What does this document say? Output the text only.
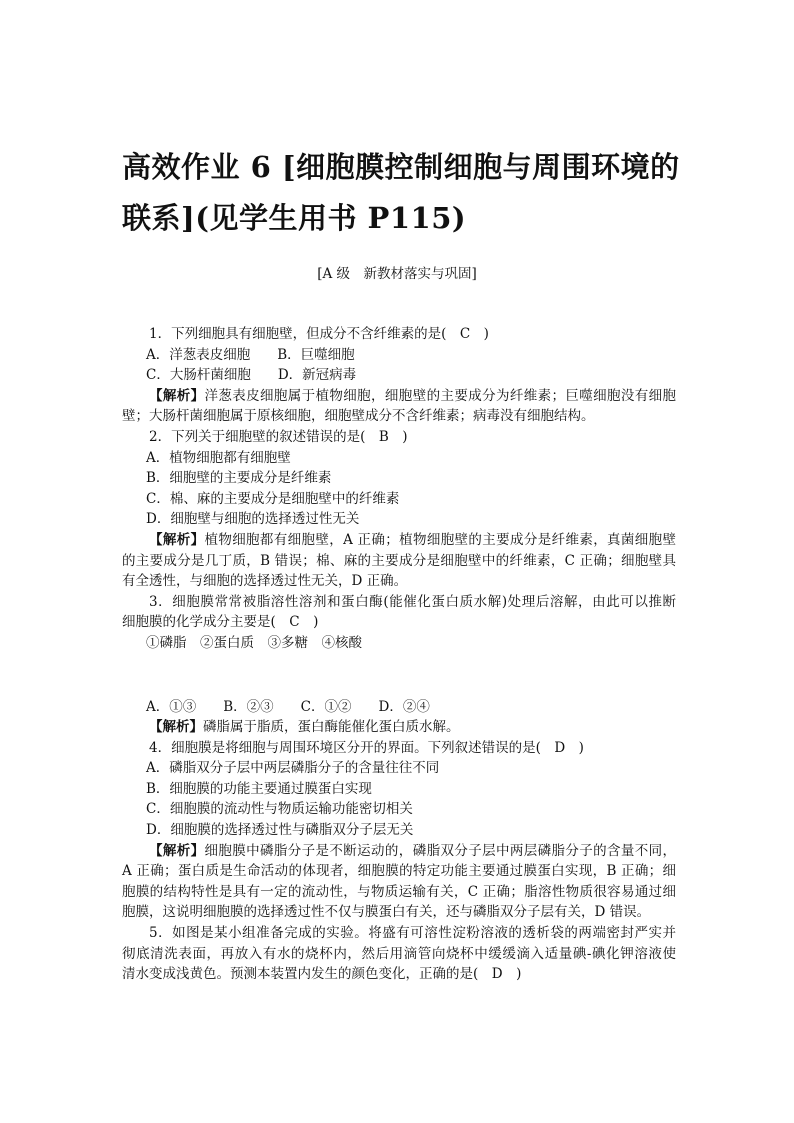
高效作业 6 [细胞膜控制细胞与周围环境的
联系](见学生用书 P115)

[A 级　新教材落实与巩固]

1．下列细胞具有细胞壁，但成分不含纤维素的是(　C　)
A．洋葱表皮细胞　　B．巨噬细胞
C．大肠杆菌细胞　　D．新冠病毒
【解析】洋葱表皮细胞属于植物细胞，细胞壁的主要成分为纤维素；巨噬细胞没有细胞
壁；大肠杆菌细胞属于原核细胞，细胞壁成分不含纤维素；病毒没有细胞结构。
2．下列关于细胞壁的叙述错误的是(　B　)
A．植物细胞都有细胞壁
B．细胞壁的主要成分是纤维素
C．棉、麻的主要成分是细胞壁中的纤维素
D．细胞壁与细胞的选择透过性无关
【解析】植物细胞都有细胞壁，A 正确；植物细胞壁的主要成分是纤维素，真菌细胞壁
的主要成分是几丁质，B 错误；棉、麻的主要成分是细胞壁中的纤维素，C 正确；细胞壁具
有全透性，与细胞的选择透过性无关，D 正确。
3．细胞膜常常被脂溶性溶剂和蛋白酶(能催化蛋白质水解)处理后溶解，由此可以推断
细胞膜的化学成分主要是(　C　)
①磷脂　②蛋白质　③多糖　④核酸
A．①③　　B．②③　　C．①②　　D．②④
【解析】磷脂属于脂质，蛋白酶能催化蛋白质水解。
4．细胞膜是将细胞与周围环境区分开的界面。下列叙述错误的是(　D　)
A．磷脂双分子层中两层磷脂分子的含量往往不同
B．细胞膜的功能主要通过膜蛋白实现
C．细胞膜的流动性与物质运输功能密切相关
D．细胞膜的选择透过性与磷脂双分子层无关
【解析】细胞膜中磷脂分子是不断运动的，磷脂双分子层中两层磷脂分子的含量不同，
A 正确；蛋白质是生命活动的体现者，细胞膜的特定功能主要通过膜蛋白实现，B 正确；细
胞膜的结构特性是具有一定的流动性，与物质运输有关，C 正确；脂溶性物质很容易通过细
胞膜，这说明细胞膜的选择透过性不仅与膜蛋白有关，还与磷脂双分子层有关，D 错误。
5．如图是某小组准备完成的实验。将盛有可溶性淀粉溶液的透析袋的两端密封严实并
彻底清洗表面，再放入有水的烧杯内，然后用滴管向烧杯中缓缓滴入适量碘-碘化钾溶液使
清水变成浅黄色。预测本装置内发生的颜色变化，正确的是(　D　)
